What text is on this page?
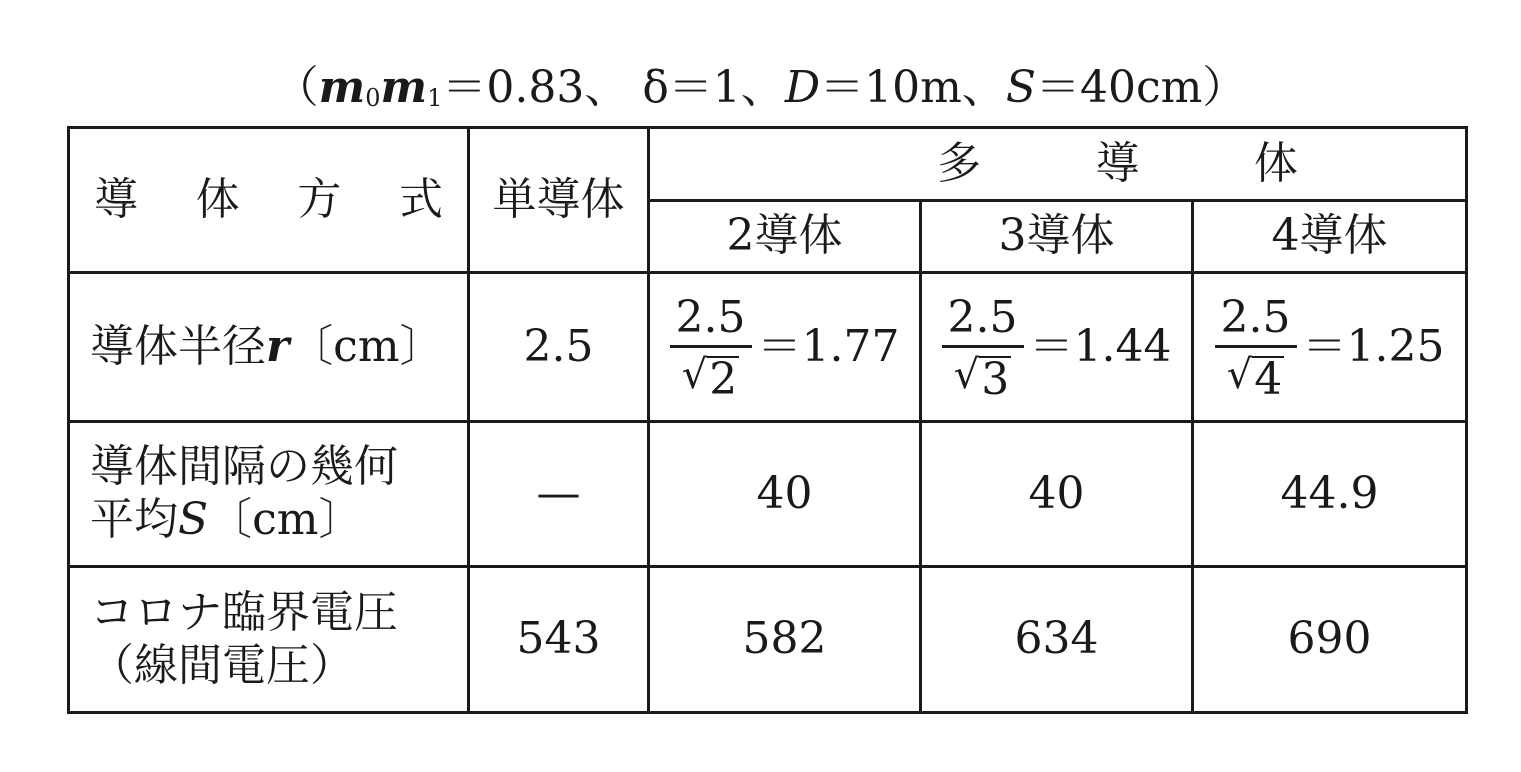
（$m_0m_1=0.83$、 δ＝1、D＝10m、S＝40cm）
導 体 方 式	単導体	多 導 体		

		2導体	3導体	4導体
導体半径r〔cm〕	2.5	$\frac{2.5}{√ 2} =1.77$	$\frac{2.5}{√ 3} =1.44$	$\frac{2.5}{√ 4} =1.25$

導体間隔の幾何
平均S〔cm〕	—	40	40	44.9

コロナ臨界電圧
（線間電圧）	543	582	634	690
